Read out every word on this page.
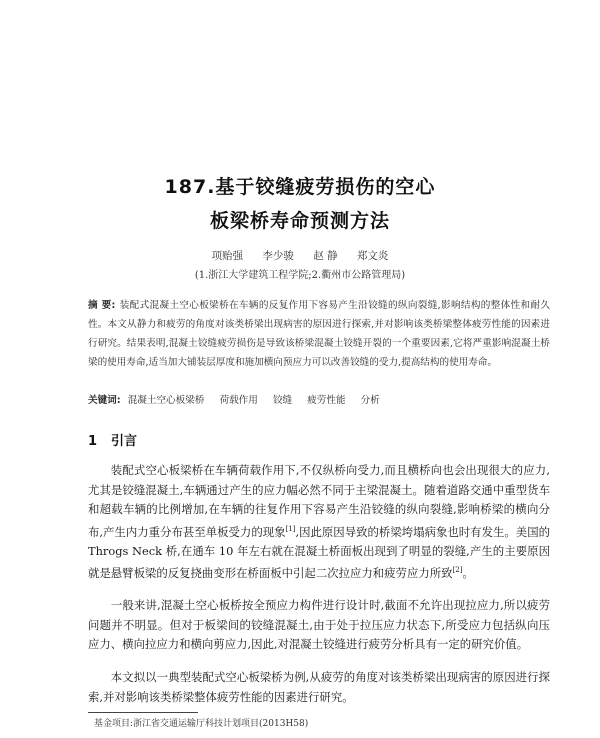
187.基于铰缝疲劳损伤的空心
板梁桥寿命预测方法
项贻强 李少骏 赵 静 郑文炎
(1.浙江大学建筑工程学院;2.衢州市公路管理局)
摘 要: 装配式混凝土空心板梁桥在车辆的反复作用下容易产生沿铰缝的纵向裂缝,影响结构的整体性和耐久性。本文从静力和疲劳的角度对该类桥梁出现病害的原因进行探索,并对影响该类桥梁整体疲劳性能的因素进行研究。结果表明,混凝土铰缝疲劳损伤是导致该桥梁混凝土铰缝开裂的一个重要因素,它将严重影响混凝土桥梁的使用寿命,适当加大铺装层厚度和施加横向预应力可以改善铰缝的受力,提高结构的使用寿命。
关键词: 混凝土空心板梁桥 荷载作用 铰缝 疲劳性能 分析
1 引言
装配式空心板梁桥在车辆荷载作用下,不仅纵桥向受力,而且横桥向也会出现很大的应力,尤其是铰缝混凝土,车辆通过产生的应力幅必然不同于主梁混凝土。随着道路交通中重型货车和超载车辆的比例增加,在车辆的往复作用下容易产生沿铰缝的纵向裂缝,影响桥梁的横向分布,产生内力重分布甚至单板受力的现象[1],因此原因导致的桥梁垮塌病象也时有发生。美国的 Throgs Neck 桥,在通车 10 年左右就在混凝土桥面板出现到了明显的裂缝,产生的主要原因就是悬臂板梁的反复挠曲变形在桥面板中引起二次拉应力和疲劳应力所致[2]。
一般来讲,混凝土空心板桥按全预应力构件进行设计时,截面不允许出现拉应力,所以疲劳问题并不明显。但对于板梁间的铰缝混凝土,由于处于拉压应力状态下,所受应力包括纵向压应力、横向拉应力和横向剪应力,因此,对混凝土铰缝进行疲劳分析具有一定的研究价值。
本文拟以一典型装配式空心板梁桥为例,从疲劳的角度对该类桥梁出现病害的原因进行探索,并对影响该类桥梁整体疲劳性能的因素进行研究。
基金项目:浙江省交通运输厅科技计划项目(2013H58)
